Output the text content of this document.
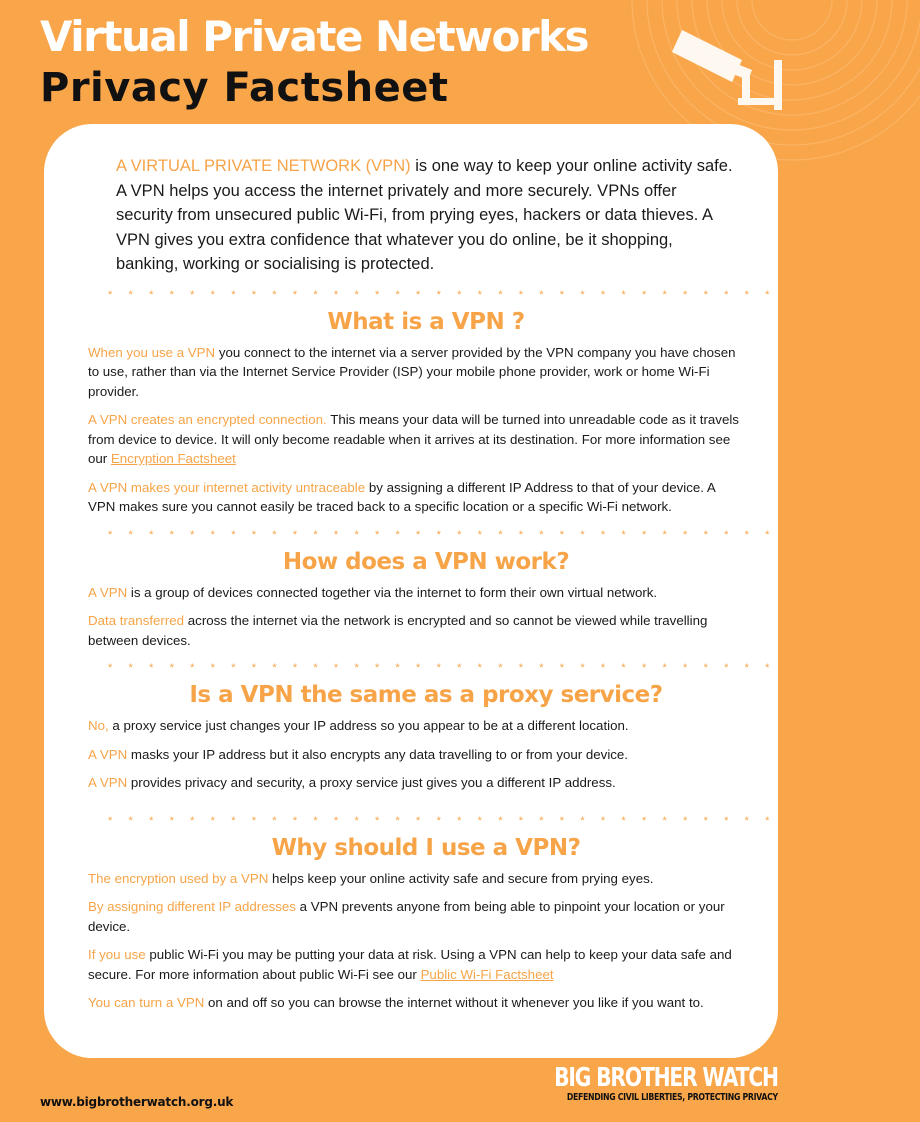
Virtual Private Networks
Privacy Factsheet

A VIRTUAL PRIVATE NETWORK (VPN) is one way to keep your online activity safe. A VPN helps you access the internet privately and more securely. VPNs offer security from unsecured public Wi-Fi, from prying eyes, hackers or data thieves. A VPN gives you extra confidence that whatever you do online, be it shopping, banking, working or socialising is protected.

* * * * * * * * * * * * * * * * * * * * * * * * * * * * * * * * * * * * * * * *
What is a VPN ?

When you use a VPN you connect to the internet via a server provided by the VPN company you have chosen to use, rather than via the Internet Service Provider (ISP) your mobile phone provider, work or home Wi-Fi provider.

A VPN creates an encrypted connection. This means your data will be turned into unreadable code as it travels from device to device. It will only become readable when it arrives at its destination. For more information see our Encryption Factsheet

A VPN makes your internet activity untraceable by assigning a different IP Address to that of your device. A VPN makes sure you cannot easily be traced back to a specific location or a specific Wi-Fi network.

* * * * * * * * * * * * * * * * * * * * * * * * * * * * * * * * * * * * * * * *
How does a VPN work?

A VPN is a group of devices connected together via the internet to form their own virtual network.

Data transferred across the internet via the network is encrypted and so cannot be viewed while travelling between devices.

* * * * * * * * * * * * * * * * * * * * * * * * * * * * * * * * * * * * * * * *
Is a VPN the same as a proxy service?

No, a proxy service just changes your IP address so you appear to be at a different location.

A VPN masks your IP address but it also encrypts any data travelling to or from your device.

A VPN provides privacy and security, a proxy service just gives you a different IP address.

* * * * * * * * * * * * * * * * * * * * * * * * * * * * * * * * * * * * * * * *
Why should I use a VPN?

The encryption used by a VPN helps keep your online activity safe and secure from prying eyes.

By assigning different IP addresses a VPN prevents anyone from being able to pinpoint your location or your device.

If you use public Wi-Fi you may be putting your data at risk. Using a VPN can help to keep your data safe and secure. For more information about public Wi-Fi see our Public Wi-Fi Factsheet

You can turn a VPN on and off so you can browse the internet without it whenever you like if you want to.

www.bigbrotherwatch.org.uk
BIG BROTHER WATCH
DEFENDING CIVIL LIBERTIES, PROTECTING PRIVACY
